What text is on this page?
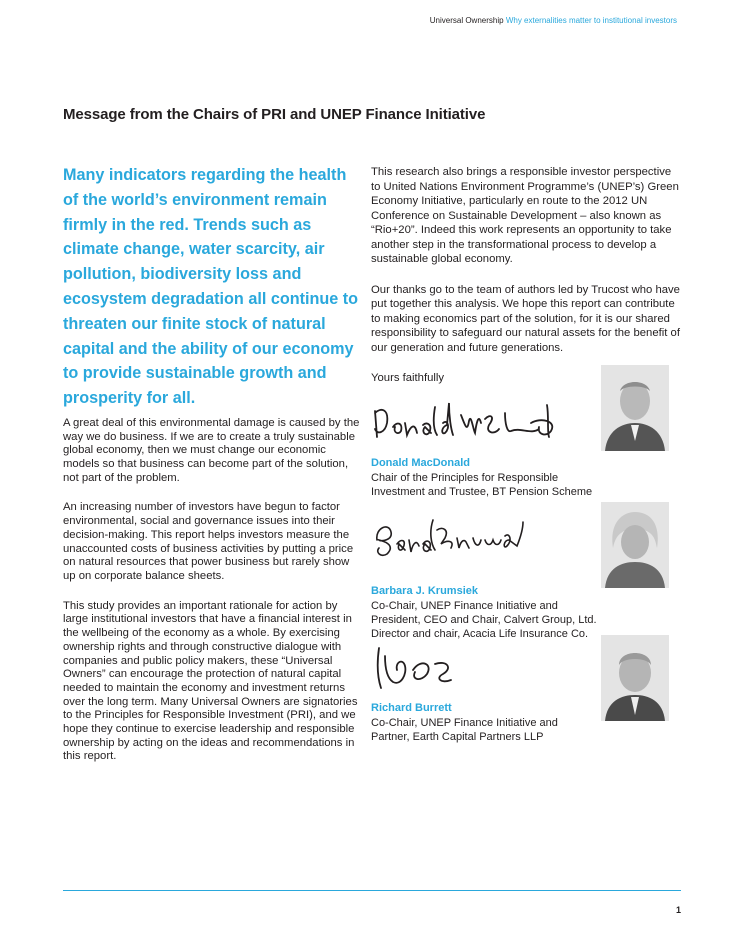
Universal Ownership Why externalities matter to institutional investors
Message from the Chairs of PRI and UNEP Finance Initiative

Many indicators regarding the health of the world’s environment remain firmly in the red. Trends such as climate change, water scarcity, air pollution, biodiversity loss and ecosystem degradation all continue to threaten our finite stock of natural capital and the ability of our economy to provide sustainable growth and prosperity for all.

A great deal of this environmental damage is caused by the way we do business. If we are to create a truly sustainable global economy, then we must change our economic models so that business can become part of the solution, not part of the problem.

An increasing number of investors have begun to factor environmental, social and governance issues into their decision-making. This report helps investors measure the unaccounted costs of business activities by putting a price on natural resources that power business but rarely show up on corporate balance sheets.

This study provides an important rationale for action by large institutional investors that have a financial interest in the wellbeing of the economy as a whole. By exercising ownership rights and through constructive dialogue with companies and public policy makers, these “Universal Owners” can encourage the protection of natural capital needed to maintain the economy and investment returns over the long term. Many Universal Owners are signatories to the Principles for Responsible Investment (PRI), and we hope they continue to exercise leadership and responsible ownership by acting on the ideas and recommendations in this report.

This research also brings a responsible investor perspective to United Nations Environment Programme’s (UNEP’s) Green Economy Initiative, particularly en route to the 2012 UN Conference on Sustainable Development – also known as “Rio+20”. Indeed this work represents an opportunity to take another step in the transformational process to develop a sustainable global economy.

Our thanks go to the team of authors led by Trucost who have put together this analysis. We hope this report can contribute to making economics part of the solution, for it is our shared responsibility to safeguard our natural assets for the benefit of our generation and future generations.

Yours faithfully

Donald MacDonald
Chair of the Principles for Responsible
Investment and Trustee, BT Pension Scheme
Barbara J. Krumsiek
Co-Chair, UNEP Finance Initiative and
President, CEO and Chair, Calvert Group, Ltd.
Director and chair, Acacia Life Insurance Co.
Richard Burrett
Co-Chair, UNEP Finance Initiative and
Partner, Earth Capital Partners LLP
1
